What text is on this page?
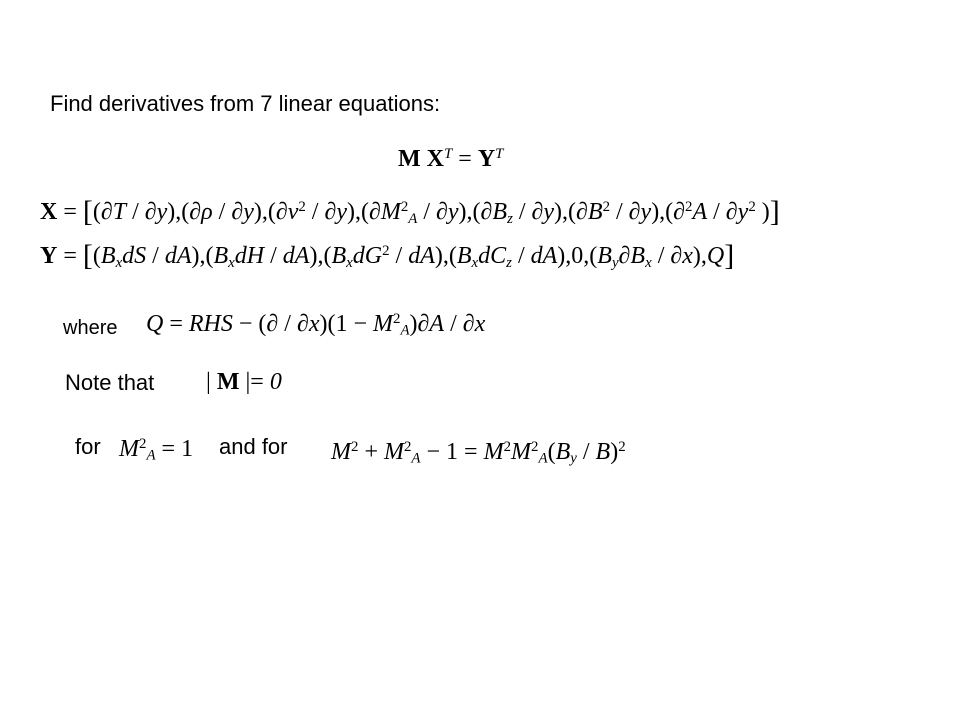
Find derivatives from 7 linear equations:
M $X^T = Y^T$
$X = [(\partial T / \partial y),(\partial\rho / \partial y),(\partial v^2 / \partial y),(\partial M^2_A / \partial y),(\partial B_z / \partial y),(\partial B^2 / \partial y),(\partial^2A / \partial y^2$ )]
$Y = [(B_xdS / dA),(B_xdH / dA),(B_xdG^2 / dA),(B_xdC_z / dA),0,(B_y\partial B_x / \partial x),Q]$
where Q = RHS − (∂ / $\partial x)(1 - M^2_A)\partial A / \partial x$
Note that | M |= 0
for $M^2_A = 1$ and for $M^2 + M^2_A - 1 = M^2M^2_A(B_y / B)^2$
